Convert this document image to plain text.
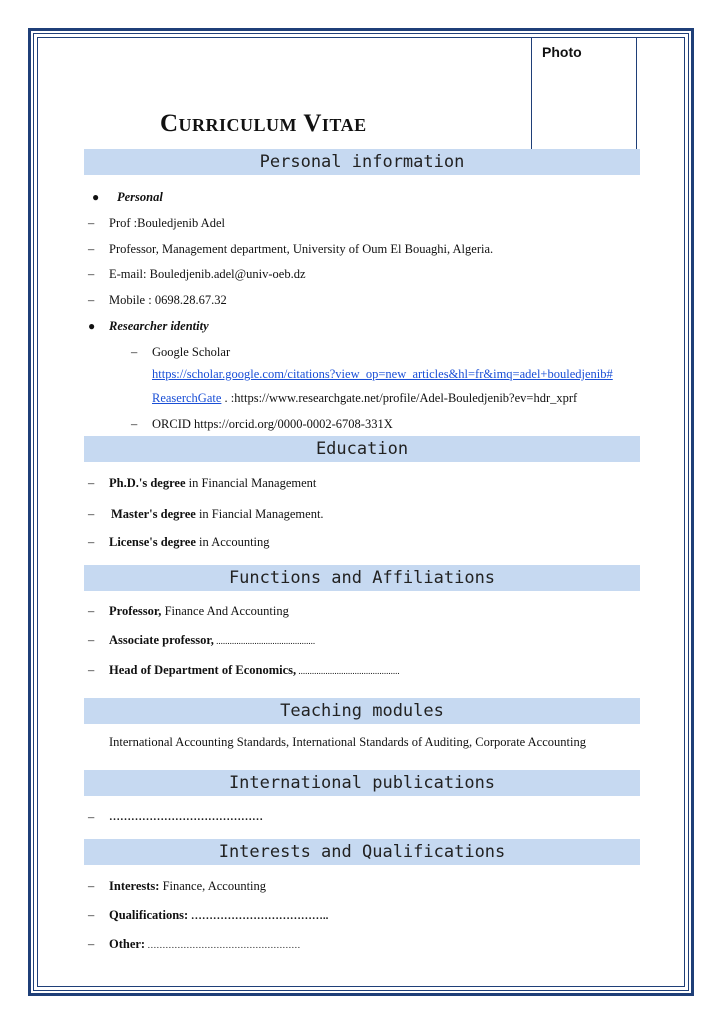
Photo
Curriculum Vitae
Personal information
● Personal
– Prof :Bouledjenib Adel
– Professor, Management department, University of Oum El Bouaghi, Algeria.
– E-mail: Bouledjenib.adel@univ-oeb.dz
– Mobile : 0698.28.67.32
● Researcher identity
– Google Scholar
https://scholar.google.com/citations?view_op=new_articles&hl=fr&imq=adel+bouledjenib#
ReaserchGate . :https://www.researchgate.net/profile/Adel-Bouledjenib?ev=hdr_xprf
– ORCID https://orcid.org/0000-0002-6708-331X
Education
– Ph.D.'s degree in Financial Management
– Master's degree in Fiancial Management.
– License's degree in Accounting
Functions and Affiliations
– Professor, Finance And Accounting
– Associate professor, ............................................
– Head of Department of Economics, .............................................
Teaching modules
International Accounting Standards, International Standards of Auditing, Corporate Accounting
International publications
– ……………………………………
Interests and Qualifications
– Interests: Finance, Accounting
– Qualifications: ………………………………..
– Other: ……………………………………………
